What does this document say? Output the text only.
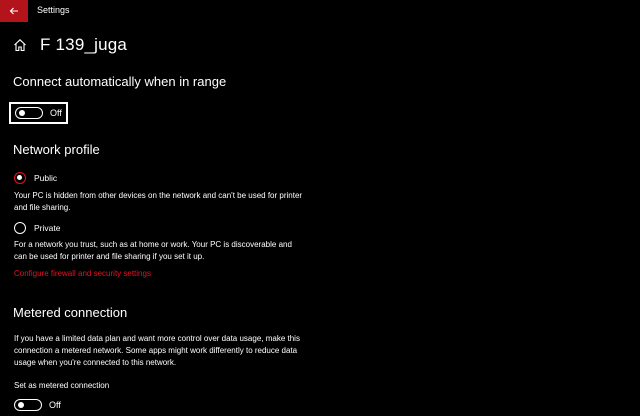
Settings
F 139_juga
Connect automatically when in range
Off
Network profile
Public
Your PC is hidden from other devices on the network and can't be used for printer and file sharing.
Private
For a network you trust, such as at home or work. Your PC is discoverable and can be used for printer and file sharing if you set it up.
Configure firewall and security settings
Metered connection
If you have a limited data plan and want more control over data usage, make this connection a metered network. Some apps might work differently to reduce data usage when you're connected to this network.
Set as metered connection
Off
